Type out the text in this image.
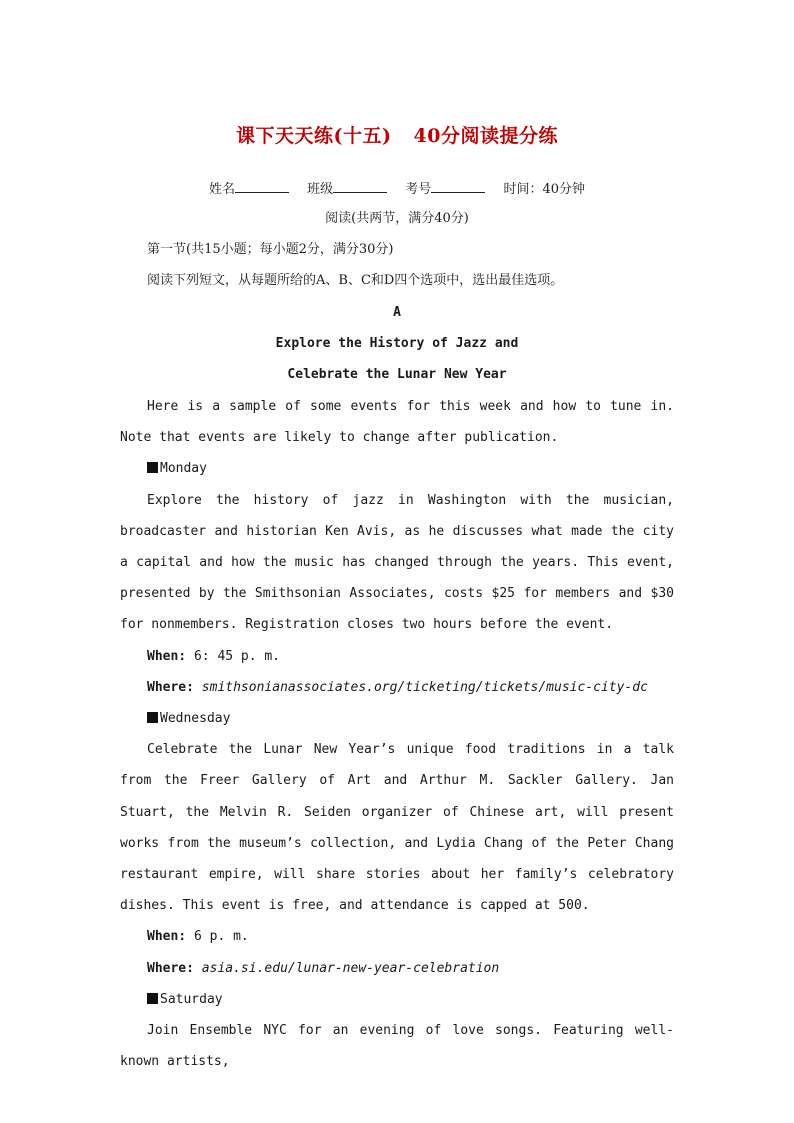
课下天天练(十五) 40分阅读提分练
姓名	班级	考号	时间：40分钟
阅读(共两节，满分40分)
第一节(共15小题；每小题2分，满分30分)
阅读下列短文，从每题所给的A、B、C和D四个选项中，选出最佳选项。
A
Explore the History of Jazz and
Celebrate the Lunar New Year

Here is a sample of some events for this week and how to tune in. Note that events are likely to change after publication.

Monday

Explore the history of jazz in Washington with the musician, broadcaster and historian Ken Avis, as he discusses what made the city a capital and how the music has changed through the years. This event, presented by the Smithsonian Associates, costs $25 for members and $30 for nonmembers. Registration closes two hours before the event.

When: 6: 45 p. m.

Where: smithsonianassociates.org/ticketing/tickets/music-city-dc

Wednesday

Celebrate the Lunar New Year’s unique food traditions in a talk from the Freer Gallery of Art and Arthur M. Sackler Gallery. Jan Stuart, the Melvin R. Seiden organizer of Chinese art, will present works from the museum’s collection, and Lydia Chang of the Peter Chang restaurant empire, will share stories about her family’s celebratory dishes. This event is free, and attendance is capped at 500.

When: 6 p. m.

Where: asia.si.edu/lunar-new-year-celebration

Saturday

Join Ensemble NYC for an evening of love songs. Featuring well-known artists,
